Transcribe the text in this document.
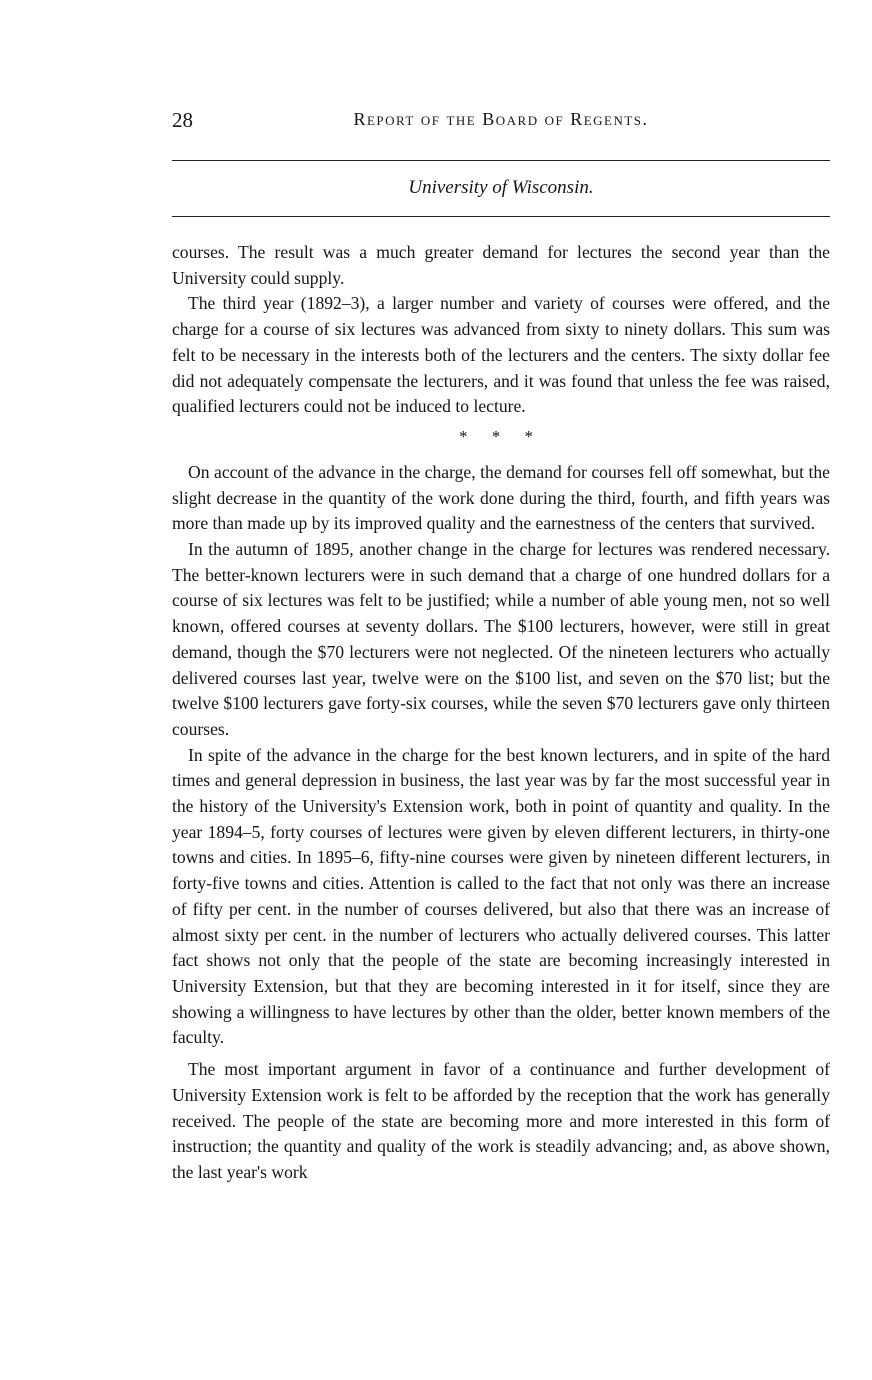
28	Report of the Board of Regents.
University of Wisconsin.

courses. The result was a much greater demand for lectures the second year than the University could supply.

The third year (1892–3), a larger number and variety of courses were offered, and the charge for a course of six lectures was advanced from sixty to ninety dollars. This sum was felt to be necessary in the interests both of the lecturers and the centers. The sixty dollar fee did not adequately compensate the lecturers, and it was found that unless the fee was raised, qualified lecturers could not be induced to lecture.

* * *

On account of the advance in the charge, the demand for courses fell off somewhat, but the slight decrease in the quantity of the work done during the third, fourth, and fifth years was more than made up by its improved quality and the earnestness of the centers that survived.

In the autumn of 1895, another change in the charge for lectures was rendered necessary. The better-known lecturers were in such demand that a charge of one hundred dollars for a course of six lectures was felt to be justified; while a number of able young men, not so well known, offered courses at seventy dollars. The $100 lecturers, however, were still in great demand, though the $70 lecturers were not neglected. Of the nineteen lecturers who actually delivered courses last year, twelve were on the $100 list, and seven on the $70 list; but the twelve $100 lecturers gave forty-six courses, while the seven $70 lecturers gave only thirteen courses.

In spite of the advance in the charge for the best known lecturers, and in spite of the hard times and general depression in business, the last year was by far the most successful year in the history of the University's Extension work, both in point of quantity and quality. In the year 1894–5, forty courses of lectures were given by eleven different lecturers, in thirty-one towns and cities. In 1895–6, fifty-nine courses were given by nineteen different lecturers, in forty-five towns and cities. Attention is called to the fact that not only was there an increase of fifty per cent. in the number of courses delivered, but also that there was an increase of almost sixty per cent. in the number of lecturers who actually delivered courses. This latter fact shows not only that the people of the state are becoming increasingly interested in University Extension, but that they are becoming interested in it for itself, since they are showing a willingness to have lectures by other than the older, better known members of the faculty.

The most important argument in favor of a continuance and further development of University Extension work is felt to be afforded by the reception that the work has generally received. The people of the state are becoming more and more interested in this form of instruction; the quantity and quality of the work is steadily advancing; and, as above shown, the last year's work
